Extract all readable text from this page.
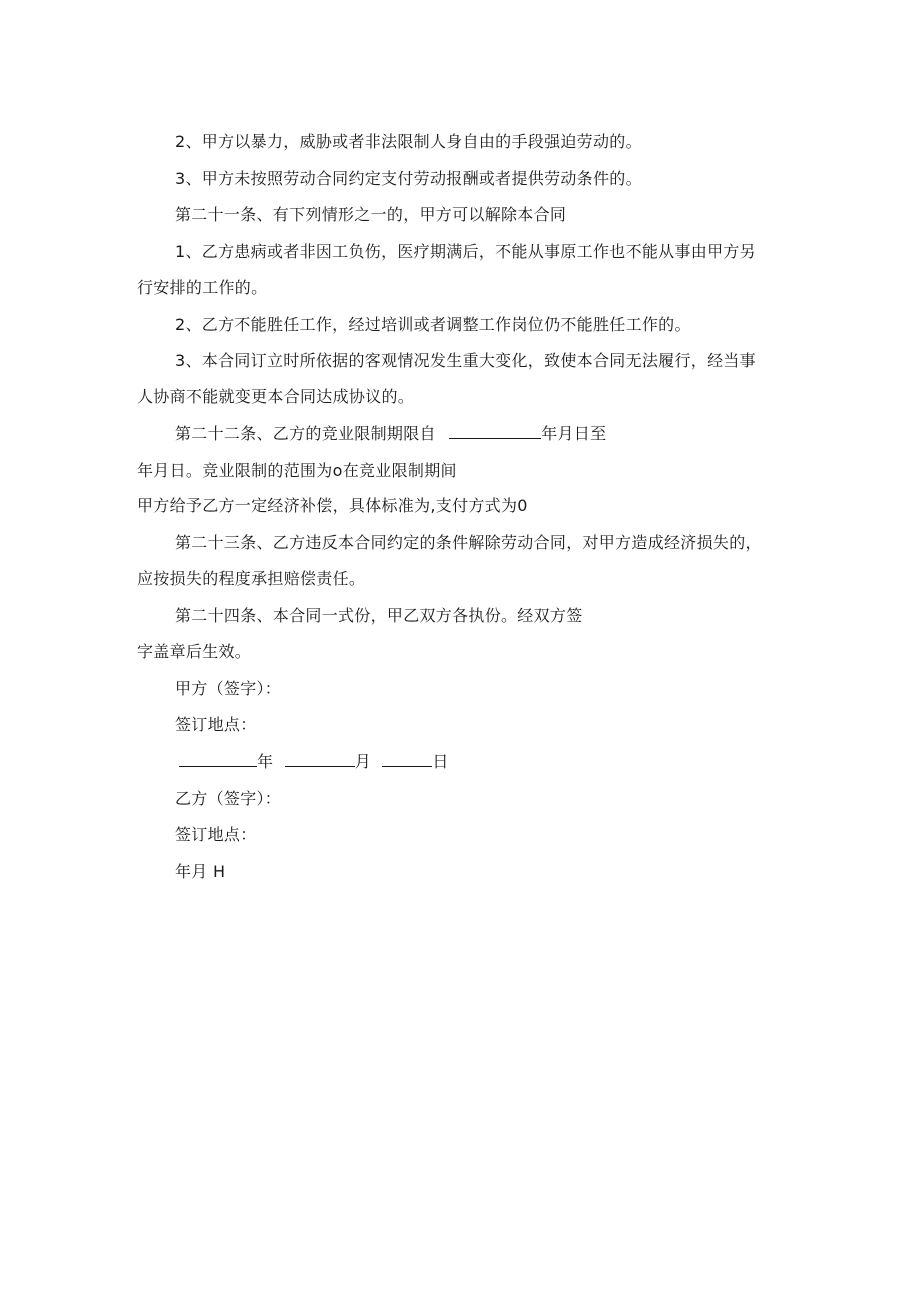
2、甲方以暴力，威胁或者非法限制人身自由的手段强迫劳动的。
3、甲方未按照劳动合同约定支付劳动报酬或者提供劳动条件的。
第二十一条、有下列情形之一的，甲方可以解除本合同
1、乙方患病或者非因工负伤，医疗期满后，不能从事原工作也不能从事由甲方另
行安排的工作的。
2、乙方不能胜任工作，经过培训或者调整工作岗位仍不能胜任工作的。
3、本合同订立时所依据的客观情况发生重大变化，致使本合同无法履行，经当事
人协商不能就变更本合同达成协议的。
第二十二条、乙方的竞业限制期限自	年月日至
年月日。竞业限制的范围为o在竞业限制期间
甲方给予乙方一定经济补偿，具体标准为,支付方式为0
第二十三条、乙方违反本合同约定的条件解除劳动合同，对甲方造成经济损失的，
应按损失的程度承担赔偿责任。
第二十四条、本合同一式份，甲乙双方各执份。经双方签
字盖章后生效。
甲方（签字）：
签订地点：
年	月	日
乙方（签字）：
签订地点：
年月 H
